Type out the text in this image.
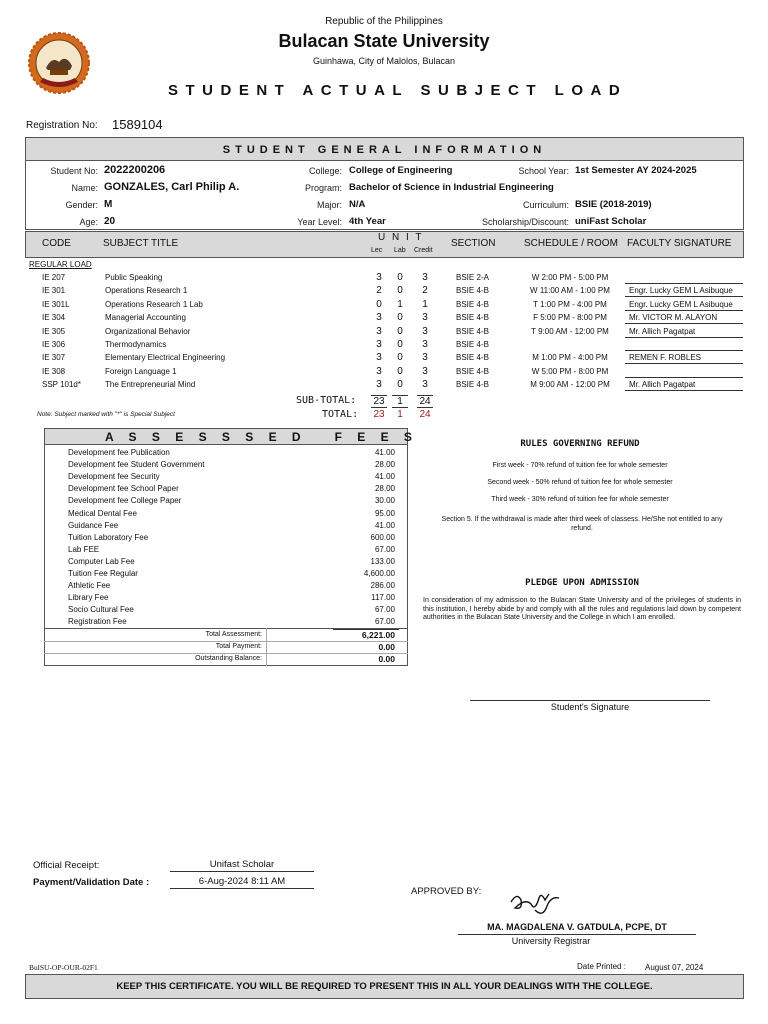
Republic of the Philippines
Bulacan State University
Guinhawa, City of Malolos, Bulacan
STUDENT ACTUAL SUBJECT LOAD
Registration No: 1589104
STUDENT GENERAL INFORMATION
Student No: 2022200206
Name: GONZALES, Carl Philip A.
Gender: M
Age: 20
College: College of Engineering
Program: Bachelor of Science in Industrial Engineering
Major: N/A
Year Level: 4th Year
School Year: 1st Semester AY 2024-2025
Curriculum: BSIE (2018-2019)
Scholarship/Discount: uniFast Scholar
CODE	SUBJECT TITLE
U N I T
Lec Lab Credit
SECTION	SCHEDULE / ROOM FACULTY SIGNATURE
REGULAR LOAD
IE 207	Public Speaking	3	0	3	BSIE 2-A	W 2:00 PM - 5:00 PM
IE 301	Operations Research 1	2	0	2	BSIE 4-B	W 11:00 AM - 1:00 PM	Engr. Lucky GEM L Asibuque
IE 301L	Operations Research 1 Lab	0	1	1	BSIE 4-B	T 1:00 PM - 4:00 PM	Engr. Lucky GEM L Asibuque
IE 304	Managerial Accounting	3	0	3	BSIE 4-B	F 5:00 PM - 8:00 PM	Mr. VICTOR M. ALAYON
IE 305	Organizational Behavior	3	0	3	BSIE 4-B	T 9:00 AM - 12:00 PM	Mr. Allich Pagatpat
IE 306	Thermodynamics	3	0	3	BSIE 4-B
IE 307	Elementary Electrical Engineering	3	0	3	BSIE 4-B	M 1:00 PM - 4:00 PM	REMEN F. ROBLES
IE 308	Foreign Language 1	3	0	3	BSIE 4-B	W 5:00 PM - 8:00 PM
SSP 101d*	The Entrepreneurial Mind	3	0	3	BSIE 4-B	M 9:00 AM - 12:00 PM	Mr. Allich Pagatpat
SUB-TOTAL: 23	1	24
TOTAL: 23	1	24
Note: Subject marked with "*" is Special Subject
A S S E S S S E D   F E E S
Development fee Publication	41.00
Development fee Student Government	28.00
Development fee Security	41.00
Development fee School Paper	28.00
Development fee College Paper	30.00
Medical Dental Fee	95.00
Guidance Fee	41.00
Tuition Laboratory Fee	600.00
Lab FEE	67.00
Computer Lab Fee	133.00
Tuition Fee Regular	4,600.00
Athletic Fee	286.00
Library Fee	117.00
Socio Cultural Fee	67.00
Registration Fee	67.00
Total Assessment:	6,221.00
Total Payment:	0.00
Outstanding Balance:	0.00
RULES GOVERNING REFUND
First week - 70% refund of tuition fee for whole semester
Second week - 50% refund of tuition fee for whole semester
Third week - 30% refund of tuition fee for whole semester
Section 5. If the withdrawal is made after third week of classess. He/She not entitled to any refund.
PLEDGE UPON ADMISSION
In consideration of my admission to the Bulacan State University and of the privileges of students in this institution, I hereby abide by and comply with all the rules and regulations laid down by competent authorities in the Bulacan State University and the College in which I am enrolled.
Student's Signature
Official Receipt:	Unifast Scholar
Payment/Validation Date :	6-Aug-2024 8:11 AM
APPROVED BY:
MA. MAGDALENA V. GATDULA, PCPE, DT
University Registrar
BulSU-OP-OUR-02F1	Date Printed : August 07, 2024
KEEP THIS CERTIFICATE. YOU WILL BE REQUIRED TO PRESENT THIS IN ALL YOUR DEALINGS WITH THE COLLEGE.
